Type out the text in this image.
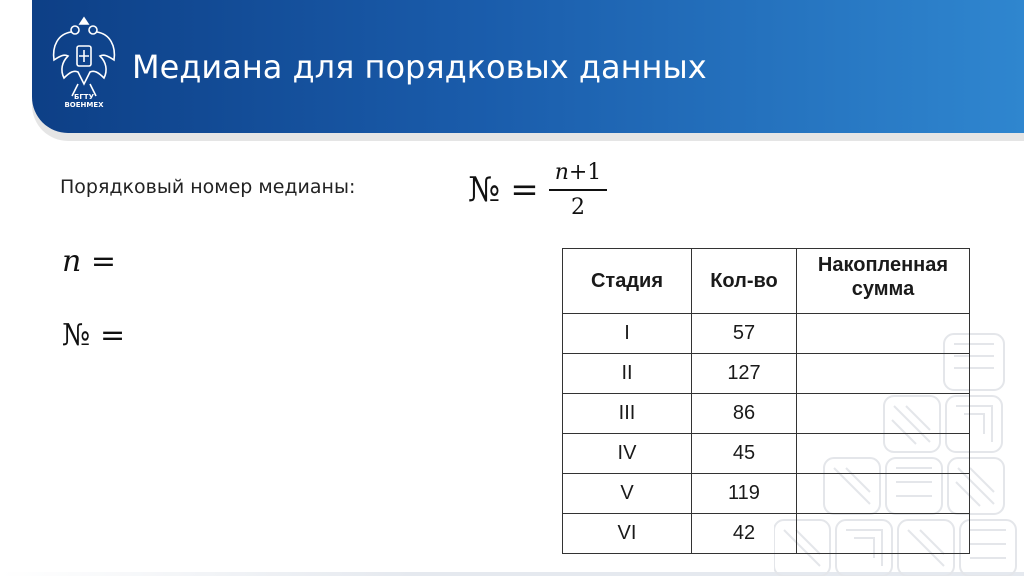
БГТУ
ВОЕНМЕХ
Медиана для порядковых данных
Порядковый номер медианы:	№ = $\frac{n+1}{2}$
n =
№ =
Стадия	Кол-во	Накопленная сумма
I	57	
II	127	
III	86	
IV	45	
V	119	
VI	42	
